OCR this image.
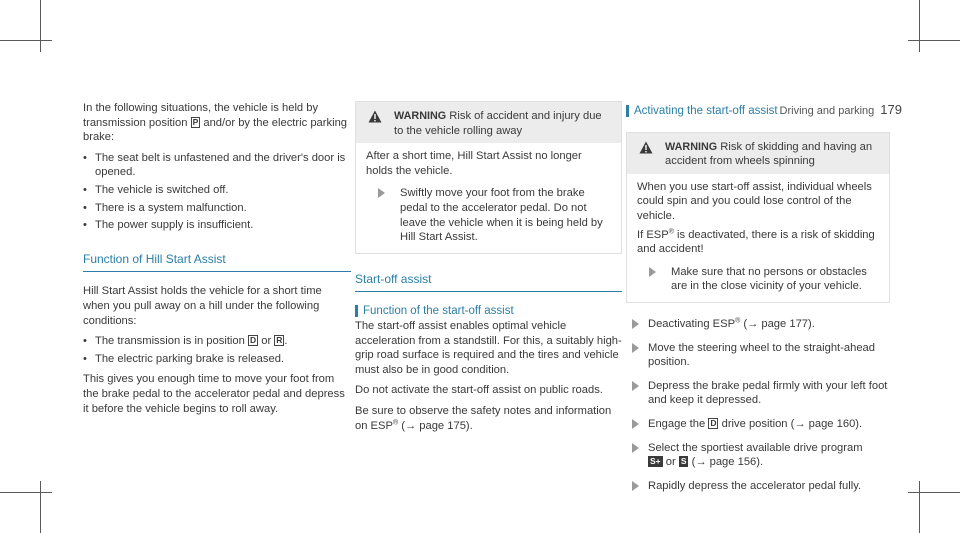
Driving and parking 179

In the following situations, the vehicle is held by transmission position P and/or by the electric parking brake:

• The seat belt is unfastened and the driver's door is opened.
• The vehicle is switched off.
• There is a system malfunction.
• The power supply is insufficient.
Function of Hill Start Assist

Hill Start Assist holds the vehicle for a short time when you pull away on a hill under the following conditions:

• The transmission is in position D or R .
• The electric parking brake is released.

This gives you enough time to move your foot from the brake pedal to the accelerator pedal and depress it before the vehicle begins to roll away.

WARNING Risk of accident and injury due to the vehicle rolling away
After a short time, Hill Start Assist no longer holds the vehicle.
Swiftly move your foot from the brake pedal to the accelerator pedal. Do not leave the vehicle when it is being held by Hill Start Assist.
Start-off assist
Function of the start-off assist

The start-off assist enables optimal vehicle acceleration from a standstill. For this, a suitably high-grip road surface is required and the tires and vehicle must also be in good condition.

Do not activate the start-off assist on public roads.

Be sure to observe the safety notes and information on ESP® (→ page 175).

Activating the start-off assist
WARNING Risk of skidding and having an accident from wheels spinning
When you use start-off assist, individual wheels could spin and you could lose control of the vehicle.
If ESP® is deactivated, there is a risk of skidding and accident!
Make sure that no persons or obstacles are in the close vicinity of your vehicle.
Deactivating ESP® (→ page 177).
Move the steering wheel to the straight-ahead position.
Depress the brake pedal firmly with your left foot and keep it depressed.
Engage the D drive position (→ page 160).
Select the sportiest available drive program
S+ or S (→ page 156).
Rapidly depress the accelerator pedal fully.
